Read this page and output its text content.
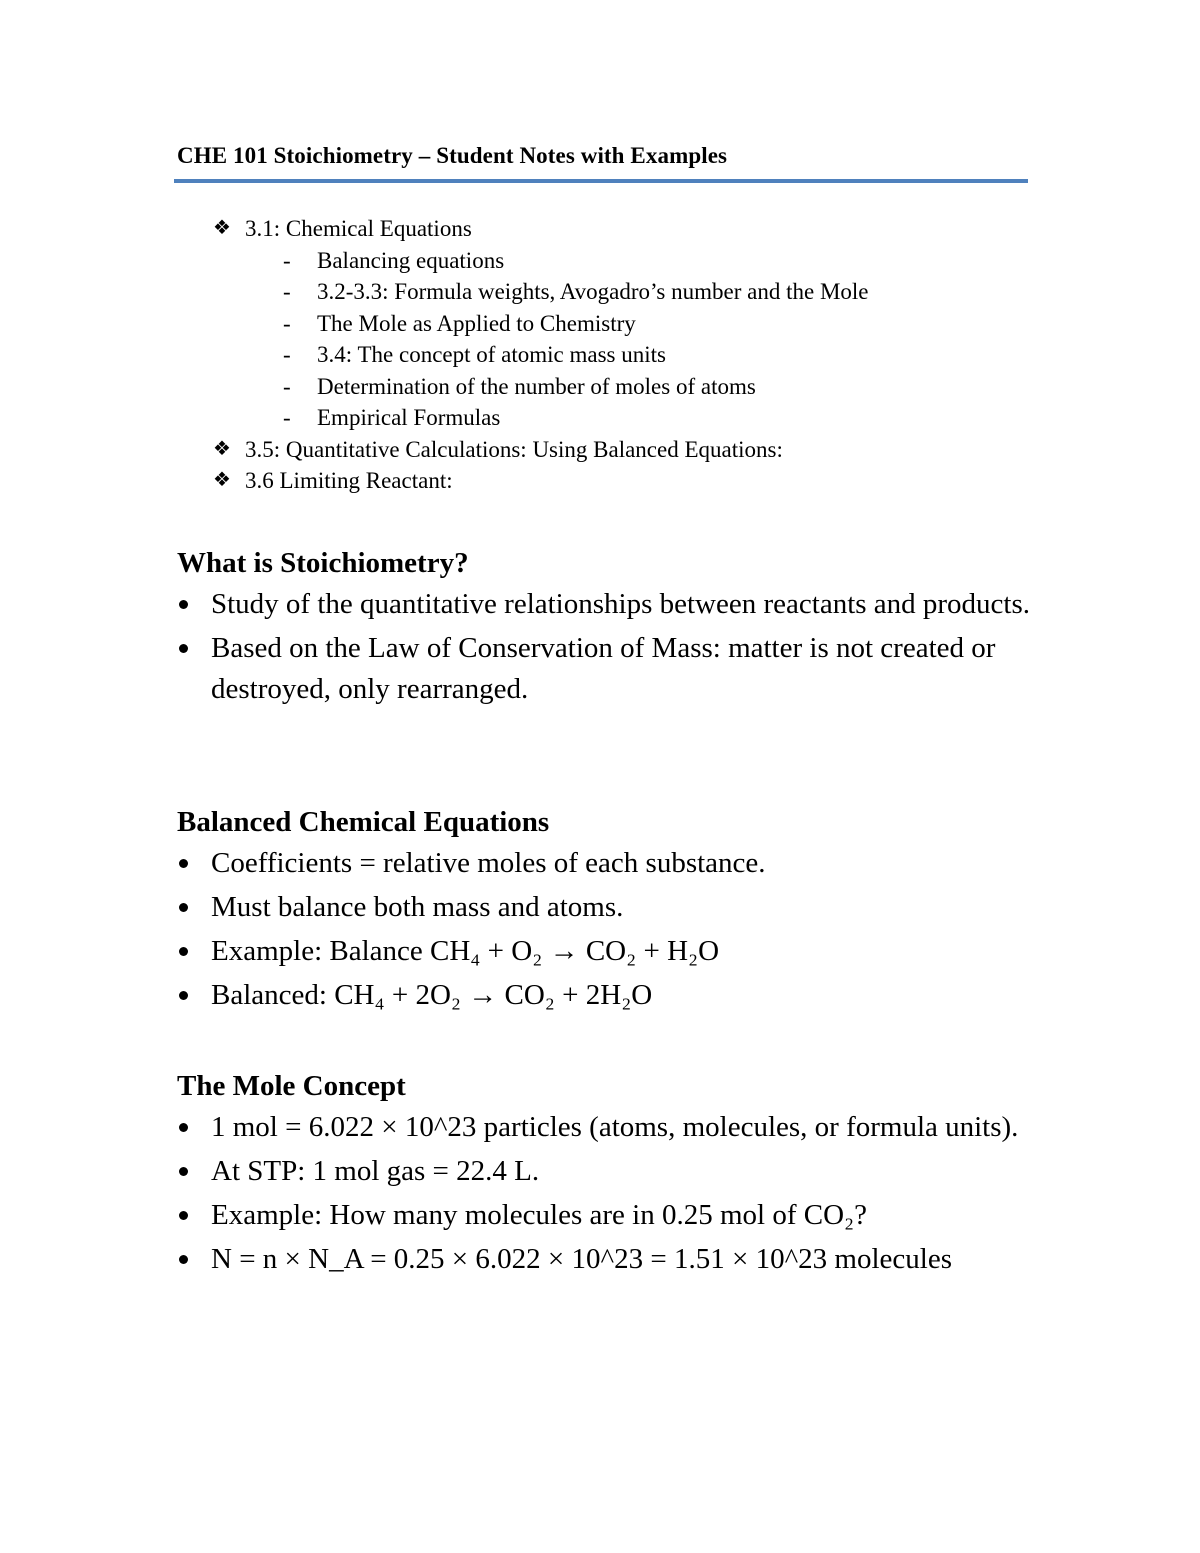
CHE 101 Stoichiometry – Student Notes with Examples
❖ 3.1: Chemical Equations
- Balancing equations
- 3.2-3.3: Formula weights, Avogadro’s number and the Mole
- The Mole as Applied to Chemistry
- 3.4: The concept of atomic mass units
- Determination of the number of moles of atoms
- Empirical Formulas
❖ 3.5: Quantitative Calculations: Using Balanced Equations:
❖ 3.6 Limiting Reactant:
What is Stoichiometry?
Study of the quantitative relationships between reactants and products.
Based on the Law of Conservation of Mass: matter is not created or destroyed, only rearranged.
Balanced Chemical Equations
Coefficients = relative moles of each substance.
Must balance both mass and atoms.
Example: Balance CH₄ + O₂ → CO₂ + H₂O
Balanced: CH₄ + 2O₂ → CO₂ + 2H₂O
The Mole Concept
1 mol = 6.022 × 10^23 particles (atoms, molecules, or formula units).
At STP: 1 mol gas = 22.4 L.
Example: How many molecules are in 0.25 mol of CO₂?
N = n × N_A = 0.25 × 6.022 × 10^23 = 1.51 × 10^23 molecules
